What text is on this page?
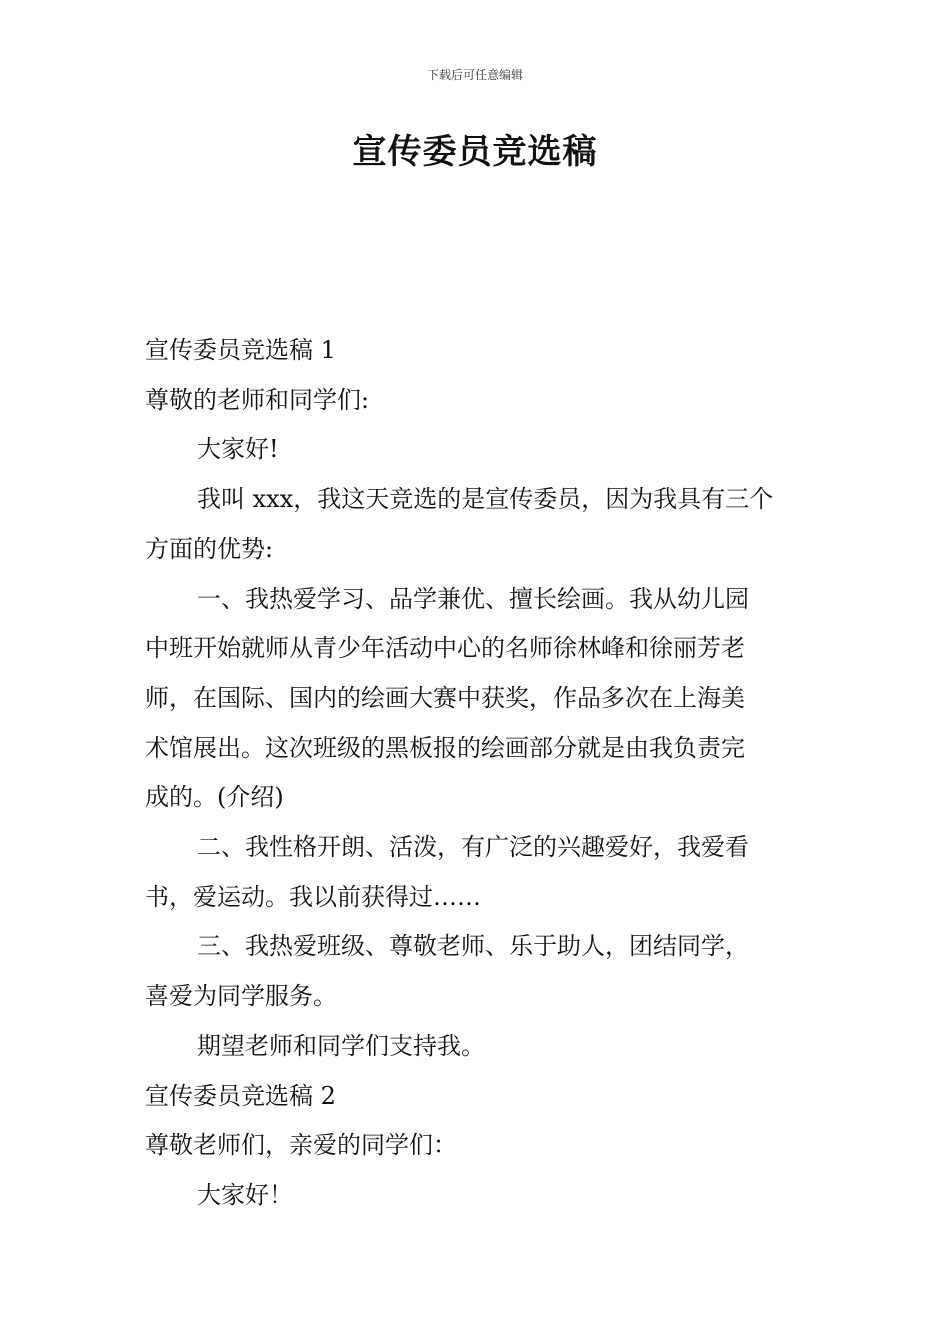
下载后可任意编辑
宣传委员竞选稿

宣传委员竞选稿 1

尊敬的老师和同学们:

大家好!

我叫 xxx，我这天竞选的是宣传委员，因为我具有三个

方面的优势:

一、我热爱学习、品学兼优、擅长绘画。我从幼儿园

中班开始就师从青少年活动中心的名师徐林峰和徐丽芳老

师，在国际、国内的绘画大赛中获奖，作品多次在上海美

术馆展出。这次班级的黑板报的绘画部分就是由我负责完

成的。(介绍)

二、我性格开朗、活泼，有广泛的兴趣爱好，我爱看

书，爱运动。我以前获得过……

三、我热爱班级、尊敬老师、乐于助人，团结同学，

喜爱为同学服务。

期望老师和同学们支持我。

宣传委员竞选稿 2

尊敬老师们，亲爱的同学们：

大家好！
